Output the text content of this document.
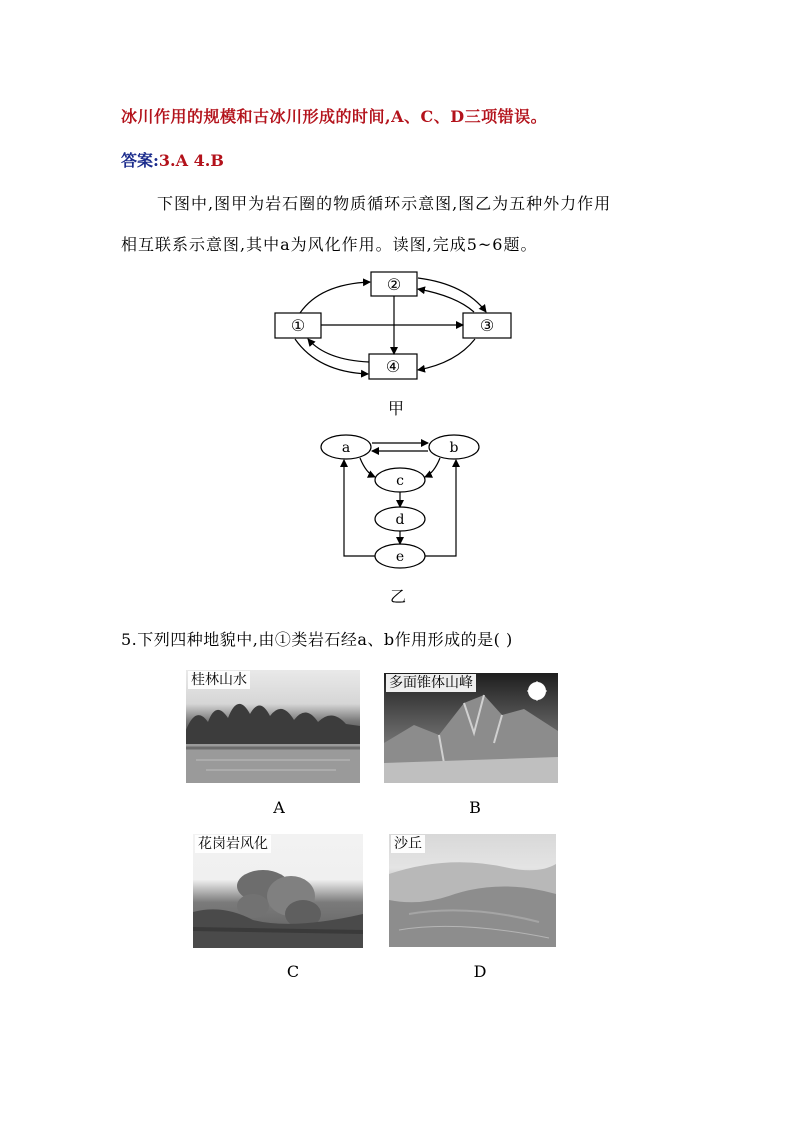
冰川作用的规模和古冰川形成的时间,A、C、D三项错误。
答案:3.A 4.B
下图中,图甲为岩石圈的物质循环示意图,图乙为五种外力作用
相互联系示意图,其中a为风化作用。读图,完成5~6题。
②
①	③
④
甲
a	b
c
d
e
乙
5.下列四种地貌中,由①类岩石经a、b作用形成的是( )
桂林山水
A
多面锥体山峰
B
花岗岩风化
C
沙丘
D
